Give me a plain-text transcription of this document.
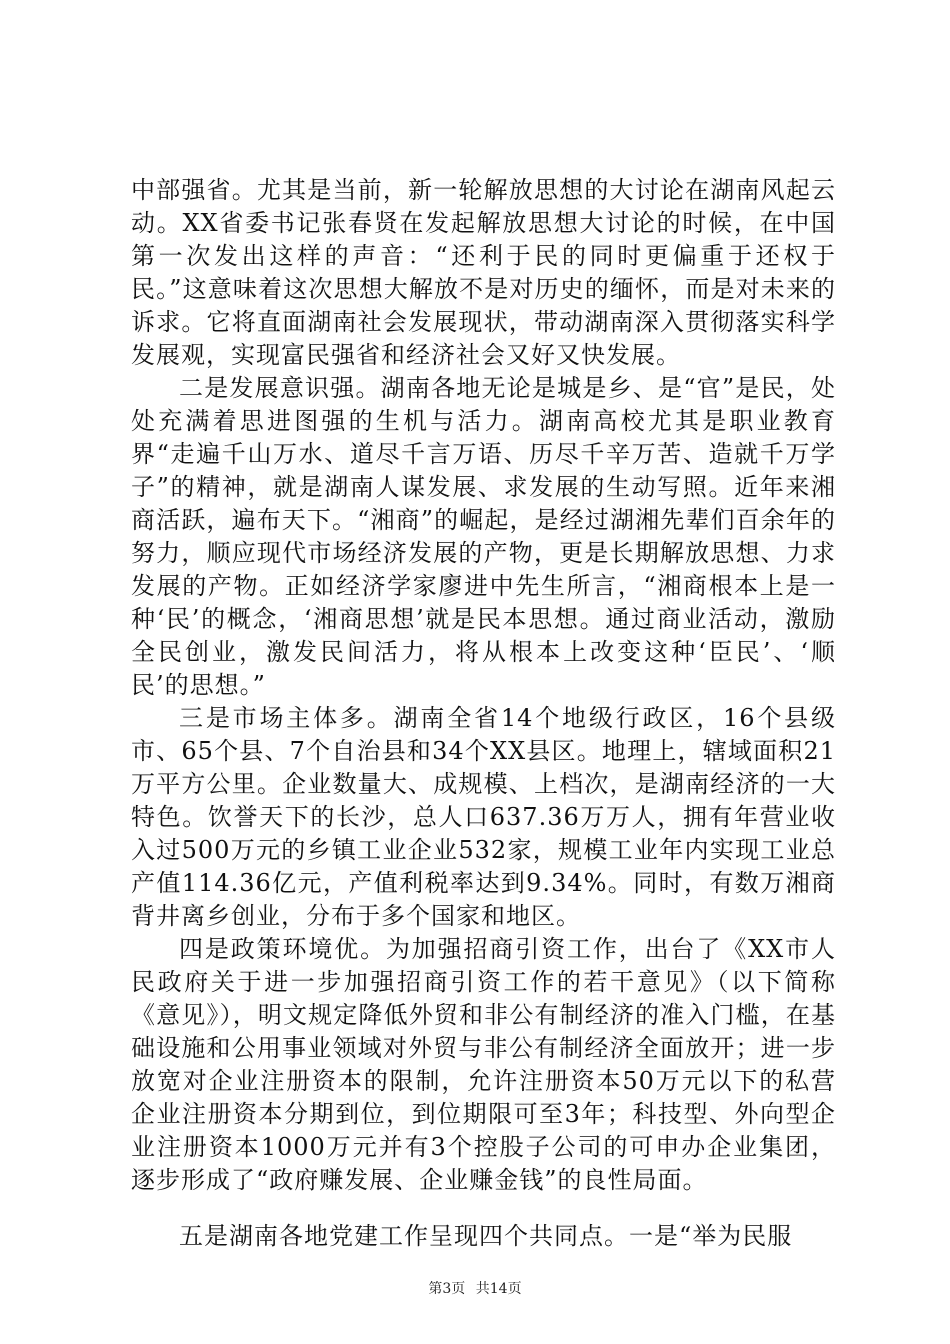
中部强省。尤其是当前，新一轮解放思想的大讨论在湖南风起云动。XX省委书记张春贤在发起解放思想大讨论的时候，在中国第一次发出这样的声音：“还利于民的同时更偏重于还权于民。”这意味着这次思想大解放不是对历史的缅怀，而是对未来的诉求。它将直面湖南社会发展现状，带动湖南深入贯彻落实科学发展观，实现富民强省和经济社会又好又快发展。

二是发展意识强。湖南各地无论是城是乡、是“官”是民，处处充满着思进图强的生机与活力。湖南高校尤其是职业教育界“走遍千山万水、道尽千言万语、历尽千辛万苦、造就千万学子”的精神，就是湖南人谋发展、求发展的生动写照。近年来湘商活跃，遍布天下。“湘商”的崛起，是经过湖湘先辈们百余年的努力，顺应现代市场经济发展的产物，更是长期解放思想、力求发展的产物。正如经济学家廖进中先生所言，“湘商根本上是一种‘民’的概念，‘湘商思想’就是民本思想。通过商业活动，激励全民创业，激发民间活力，将从根本上改变这种‘臣民’、‘顺民’的思想。”

三是市场主体多。湖南全省14个地级行政区，16个县级市、65个县、7个自治县和34个XX县区。地理上，辖域面积21万平方公里。企业数量大、成规模、上档次，是湖南经济的一大特色。饮誉天下的长沙，总人口637.36万万人，拥有年营业收入过500万元的乡镇工业企业532家，规模工业年内实现工业总产值114.36亿元，产值利税率达到9.34%。同时，有数万湘商背井离乡创业，分布于多个国家和地区。

四是政策环境优。为加强招商引资工作，出台了《XX市人民政府关于进一步加强招商引资工作的若干意见》（以下简称《意见》），明文规定降低外贸和非公有制经济的准入门槛，在基础设施和公用事业领域对外贸与非公有制经济全面放开；进一步放宽对企业注册资本的限制，允许注册资本50万元以下的私营企业注册资本分期到位，到位期限可至3年；科技型、外向型企业注册资本1000万元并有3个控股子公司的可申办企业集团，逐步形成了“政府赚发展、企业赚金钱”的良性局面。

五是湖南各地党建工作呈现四个共同点。一是“举为民服

第3页 共14页
